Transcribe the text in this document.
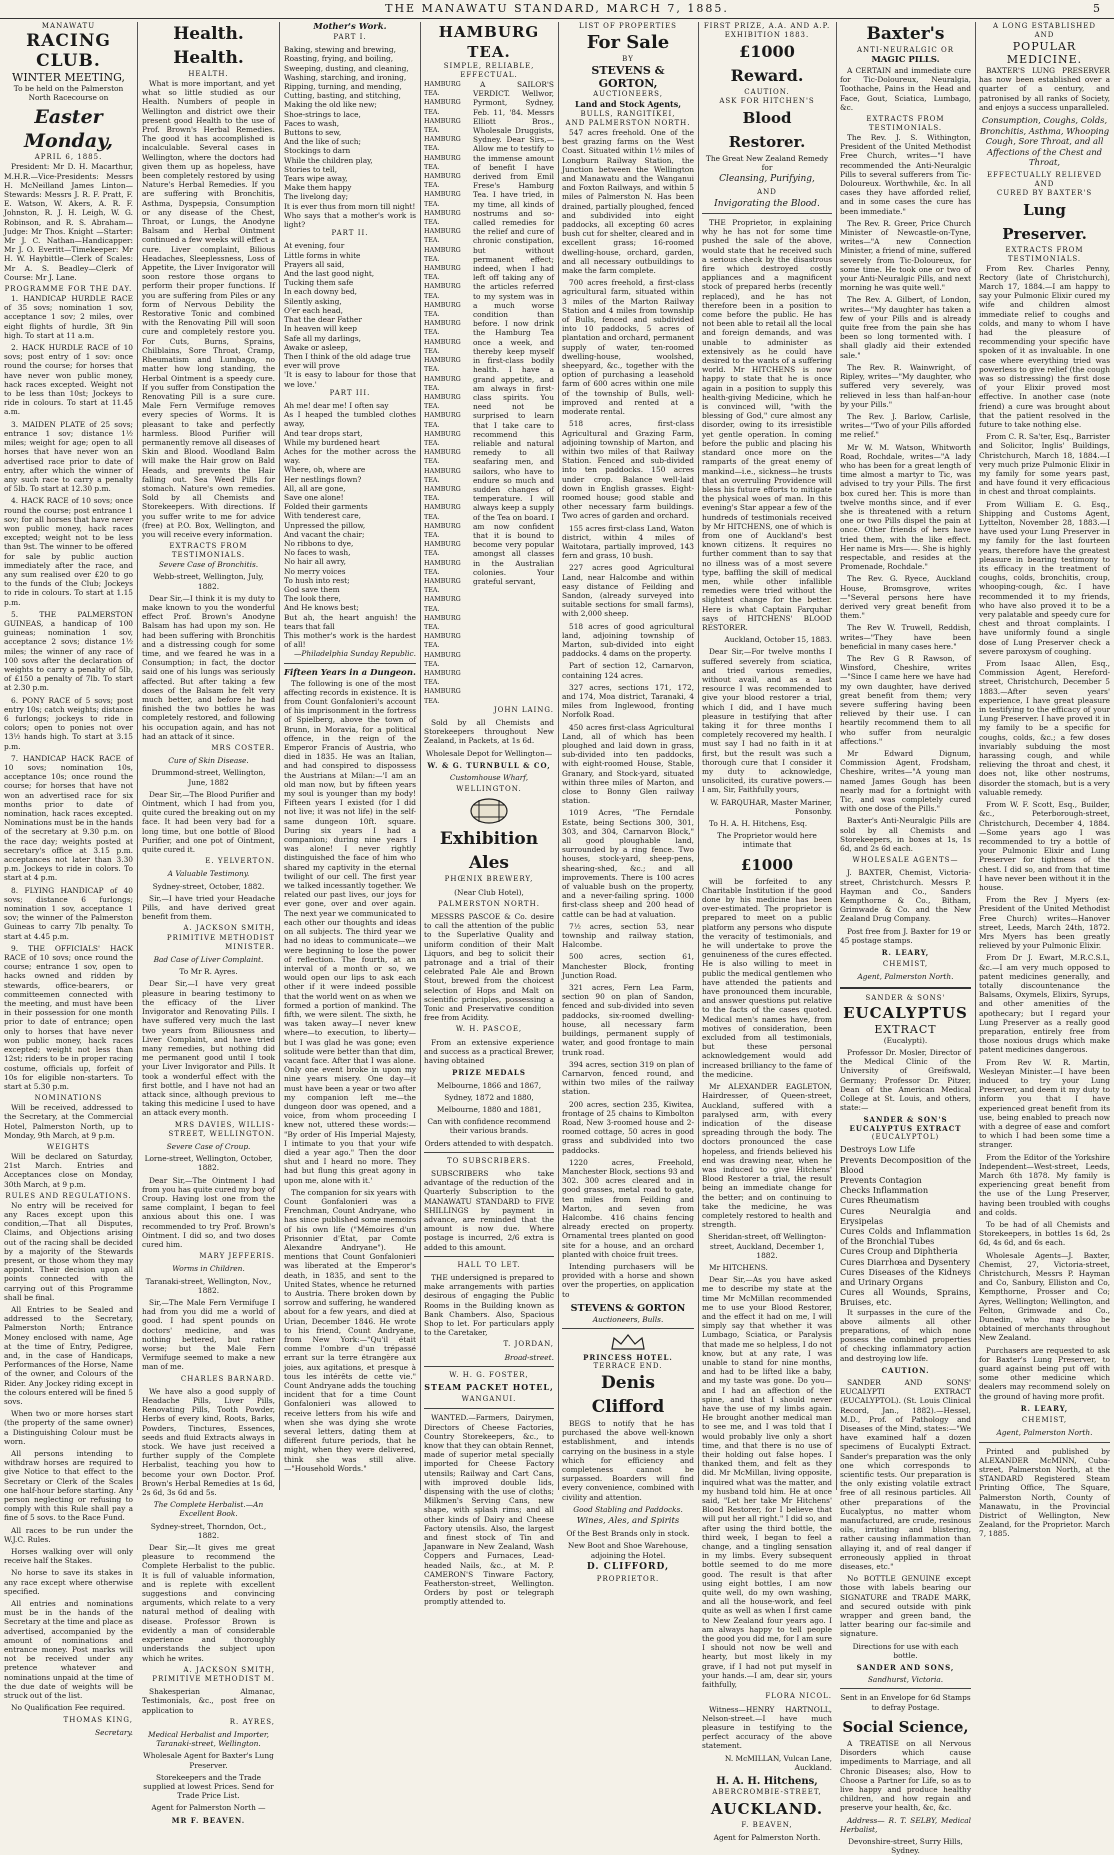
THE MANAWATU STANDARD, MARCH 7, 1885.	5
MANAWATU
RACING CLUB.
WINTER MEETING,

To be held on the Palmerston North Racecourse on

Easter Monday,
APRIL 6, 1885.

President: Mr D. H. Macarthur, M.H.R.—Vice-Presidents: Messrs H. McNeilland James Linton—Stewards: Messrs J. R. F. Pratt, F. E. Watson, W. Akers, A. R. F. Johnston, R. J. H. Leigh, W. G. Robinson, and R. S. Abraham—Judge: Mr Thos. Knight —Starter: Mr J. C. Nathan—Handicapper: Mr J. O. Everitt—Timekeeper: Mr H. W. Haybittle—Clerk of Scales: Mr A. S. Beadley—Clerk of Course: Mr J. Lane.

PROGRAMME FOR THE DAY.

1. HANDICAP HURDLE RACE of 35 sovs; nomination 1 sov, acceptance 1 sov; 2 miles, over eight flights of hurdle, 3ft 9in high. To start at 11 a.m.

2. HACK HURDLE RACE of 10 sovs; post entry of 1 sov: once round the course; for horses that have never won public money, hack races excepted. Weight not to be less than 10st; Jockeys to ride in colours. To start at 11.45 a.m.

3. MAIDEN PLATE of 25 sovs; entrance 1 sov; distance 1½ miles; weight for age; open to all horses that have never won an advertised race prior to date of entry, after which the winner of any such race to carry a penalty of 5lb. To start at 12.30 p.m.

4. HACK RACE of 10 sovs; once round the course; post entrance 1 sov; for all horses that have never won public money, hack races excepted; weight not to be less than 9st. The winner to be offered for sale by public auction immediately after the race, and any sum realised over £20 to go to the funds of the Club; Jockeys to ride in colours. To start at 1.15 p.m.

5. THE PALMERSTON GUINEAS, a handicap of 100 guineas; nomination 1 sov, acceptance 2 sovs; distance 1½ miles; the winner of any race of 100 sovs after the declaration of weights to carry a penalty of 5lb, of £150 a penalty of 7lb. To start at 2.30 p.m.

6. PONY RACE of 5 sovs; post entry 10s; catch weights; distance 6 furlongs; jockeys to ride in colors; open to ponies not over 13½ hands high. To start at 3.15 p.m.

7. HANDICAP HACK RACE of 10 sovs; nomination 10s, acceptance 10s; once round the course; for horses that have not won an advertised race for six months prior to date of nomination, hack races excepted. Nominations must be in the hands of the secretary at 9.30 p.m. on the race day; weights posted at secretary's office at 3.15 p.m. acceptances not later than 3.30 p.m. Jockeys to ride in colors. To start at 4 p.m.

8. FLYING HANDICAP of 40 sovs; distance 6 furlongs; nomination 1 sov, acceptance 1 sov; the winner of the Palmerston Guineas to carry 7lb penalty. To start at 4.45 p.m.

9. THE OFFICIALS' HACK RACE of 10 sovs; once round the course; entrance 1 sov, open to hacks owned and ridden by stewards, office-bearers, or committeemen connected with the meeting, and must have been in their possession for one month prior to date of entrance; open only to horses that have never won public money, hack races excepted; weight not less than 12st; riders to be in proper racing costume, officials up, forfeit of 10s for eligible non-starters. To start at 5.30 p.m.

NOMINATIONS

Will be received, addressed to the Secretary, at the Commercial Hotel, Palmerston North, up to Monday, 9th March, at 9 p.m.

WEIGHTS

Will be declared on Saturday, 21st March. Entries and Acceptances close on Monday, 30th March, at 9 p.m.

RULES AND REGULATIONS.

No entry will be received for any Races except upon this condition,—That all Disputes, Claims, and Objections arising out of the racing shall be decided by a majority of the Stewards present, or those whom they may appoint. Their decision upon all points connected with the carrying out of this Programme shall be final.

All Entries to be Sealed and addressed to the Secretary, Palmerston North; Entrance Money enclosed with name, Age at the time of Entry, Pedigree, and, in the case of Handicaps, Performances of the Horse, Name of the owner, and Colours of the Rider. Any Jockey riding except in the colours entered will be fined 5 sovs.

When two or more horses start (the property of the same owner) a Distinguishing Colour must be worn.

All persons intending to withdraw horses are required to give Notice to that effect to the Secretary or Clerk of the Scales one half-hour before starting. Any person neglecting or refusing to comply with this Rule shall pay a fine of 5 sovs. to the Race Fund.

All races to be run under the W.J.C. Rules.

Horses walking over will only receive half the Stakes.

No horse to save its stakes in any race except where otherwise specified.

All entries and nominations must be in the hands of the Secretary at the time and place as advertised, accompanied by the amount of nominations and entrance money. Post marks will not be received under any pretence whatever and nominations unpaid at the time of the due date of weights will be struck out of the list.

No Qualification Fee required.

THOMAS KING,

Secretary.

Health. Health.
HEALTH.

What is more important, and yet what so little studied as our Health. Numbers of people in Wellington and district owe their present good Health to the use of Prof. Brown's Herbal Remedies. The good it has accomplished is incalculable. Several cases in Wellington, where the doctors had given them up as hopeless, have been completely restored by using Nature's Herbal Remedies. If you are suffering with Bronchitis, Asthma, Dyspepsia, Consumption or any disease of the Chest, Throat, or Lungs, the Anodyne Balsam and Herbal Ointment continued a few weeks will effect a cure. Liver complaint, Bilious Headaches, Sleeplessness, Loss of Appetite, the Liver Invigorator will soon restore those organs to perform their proper functions. If you are suffering from Piles or any form of Nervous Debility the Restorative Tonic and combined with the Renovating Pill will soon cure and completely restore you. For Cuts, Burns, Sprains, Chilblains, Sore Throat, Cramp, Rheumatism and Lumbago, no matter how long standing, the Herbal Ointment is a speedy cure. If you suffer from Constipation the Renovating Pill is a sure cure. Male Fern Vermifuge removes every species of Worms. It is pleasant to take and perfectly harmless. Blood Purifier will permanently remove all diseases of Skin and Blood. Woodland Balm will make the Hair grow on Bald Heads, and prevents the Hair falling out. Sea Weed Pills for stomach. Nature's own remedies. Sold by all Chemists and Storekeepers. With directions. If you suffer write to me for advice (free) at P.O. Box, Wellington, and you will receive every information.

EXTRACTS FROM TESTIMONIALS.

Severe Case of Bronchitis.

Webb-street, Wellington, July, 1882.

Dear Sir,—I think it is my duty to make known to you the wonderful effect Prof. Brown's Anodyne Balsam has had upon my son. He had been suffering with Bronchitis and a distressing cough for some time, and we feared he was in a Consumption; in fact, the doctor said one of his lungs was seriously affected. But after taking a few doses of the Balsam he felt very much better, and before he had finished the two bottles he was completely restored, and following his occupation again, and has not had an attack of it since.

MRS COSTER.

Cure of Skin Disease.

Drummond-street, Wellington, June, 1882

Dear Sir,—The Blood Purifier and Ointment, which I had from you, quite cured the breaking out on my face. It had been very bad for a long time, but one bottle of Blood Purifier, and one pot of Ointment, quite cured it.

E. YELVERTON.

A Valuable Testimony.

Sydney-street, October, 1882.

Sir,—I have tried your Headache Pills, and have derived great benefit from them.

A. JACKSON SMITH, PRIMITIVE METHODIST MINISTER.

Bad Case of Liver Complaint.

To Mr R. Ayres.

Dear Sir,—I have very great pleasure in bearing testimony to the efficacy of the Liver Invigorator and Renovating Pills. I have suffered very much the last two years from Biliousness and Liver Complaint, and have tried many remedies, but nothing did me permanent good until I took your Liver Invigorator and Pills. It took a wonderful effect with the first bottle, and I have not had an attack since, although previous to taking this medicine I used to have an attack every month.

MRS DAVIES, WILLIS-STREET, WELLINGTON.

Severe Case of Croup.

Lorne-street, Wellington, October, 1882.

Dear Sir,—The Ointment I had from you has quite cured my boy of Croup. Having lost one from the same complaint, I began to feel anxious about this one. I was recommended to try Prof. Brown's Ointment. I did so, and two doses cured him.

MARY JEFFERIS.

Worms in Children.

Taranaki-street, Wellington, Nov., 1882.

Sir,—The Male Fern Vermifuge I had from you did me a world of good. I had spent pounds on doctors' medicine, and was nothing bettered, but rather worse; but the Male Fern Vermifuge seemed to make a new man of me.

CHARLES BARNARD.

We have also a good supply of Headache Pills, Liver Pills, Renovating Pills, Tooth Powder, Herbs of every kind, Roots, Barks, Powders, Tinctures, Essences, seeds and fluid Extracts always in stock. We have just received a further supply of the Complete Herbalist, teaching you how to become your own Doctor. Prof. Brown's Herbal Remedies at 1s 6d, 2s 6d, 3s 6d and 5s.

The Complete Herbalist.—An Excellent Book.

Sydney-street, Thorndon, Oct., 1882.

Dear Sir,—It gives me great pleasure to recommend the Complete Herbalist to the public. It is full of valuable information, and is replete with excellent suggestions and convincing arguments, which relate to a very natural method of dealing with disease. Professor Brown is evidently a man of considerable experience and thoroughly understands the subject upon which he writes.

A. JACKSON SMITH, PRIMITIVE METHODIST M.

Shakesperian Almanac, Testimonials, &c., post free on application to

R. AYRES,

Medical Herbalist and Importer, Taranaki-street, Wellington.

Wholesale Agent for Baxter's Lung Preserver.

Storekeepers and the Trade supplied at lowest Prices. Send for Trade Price List.

Agent for Palmerston North —

MR F. BEAVEN.

Mother's Work.

PART I.

Baking, stewing and brewing,

Roasting, frying, and boiling,

Sweeping, dusting, and cleaning,

Washing, starching, and ironing,

Ripping, turning, and mending,

Cutting, basting, and stitching,

Making the old like new;

Shoe-strings to lace,

Faces to wash,

Buttons to sew,

And the like of such;

Stockings to darn

While the children play,

Stories to tell,

Tears wipe away,

Make them happy

The livelong day;

It is ever thus from morn till night!

Who says that a mother's work is light?

PART II.

At evening, four

Little forms in white

Prayers all said,

And the last good night,

Tucking them safe

In each downy bed,

Silently asking,

O'er each head,

That the dear Father

In heaven will keep

Safe all my darlings,

Awake or asleep,

Then I think of the old adage true

ever will prove

'It is easy to labour for those that we love.'

PART III.

Ah me! dear me! I often say

As I heaped the tumbled clothes away,

And tear drops start,

While my burdened heart

Aches for the mother across the way.

Where, oh, where are

Her nestlings flown?

All, all are gone,

Save one alone!

Folded their garments

With tenderest care,

Unpressed the pillow,

And vacant the chair;

No ribbons to dye,

No faces to wash,

No hair all awry,

No merry voices

To hush into rest;

God save them

The look there,

And He knows best;

But ah, the heart anguish! the tears that fall

This mother's work is the hardest of all!

—Philadelphia Sunday Republic.

Fifteen Years in a Dungeon.

The following is one of the most affecting records in existence. It is from Count Gonfalonieri's account of his imprisonment in the fortress of Spielberg, above the town of Brunn, in Moravia, for a political offence, in the reign of the Emperor Francis of Austria, who died in 1835. He was an Italian, and had conspired to dispossess the Austrians at Milan:—'I am an old man now, but by fifteen years my soul is younger than my body! Fifteen years I existed (for I did not live; it was not life) in the self-same dungeon 10ft. square. During six years I had a companion; during nine years I was alone! I never rightly distinguished the face of him who shared my captivity in the eternal twilight of our cell. The first year we talked incessantly together. We related our past lives, our joys for ever gone, over and over again. The next year we communicated to each other our thoughts and ideas on all subjects. The third year we had no ideas to communicate—we were beginning to lose the power of reflection. The fourth, at an interval of a month or so, we would open our lips to ask each other if it were indeed possible that the world went on as when we formed a portion of mankind. The fifth, we were silent. The sixth, he was taken away—I never knew where—to execution, to liberty—but I was glad he was gone; even solitude were better than that dim, vacant face. After that I was alone. Only one event broke in upon my nine years misery. One day—it must have been a year or two after my companion left me—the dungeon door was opened, and a voice, from whom proceeding I knew not, uttered these words:— "By order of His Imperial Majesty, I intimate to you that your wife died a year ago." Then the door shut and I heard no more. They had but flung this great agony in upon me, alone with it.'

The companion for six years with Count Gonfalonieri was a Frenchman, Count Andryane, who has since published some memoirs of his own life ("Mémoires d'un Prisonnier d'Etat, par Comte Alexandre Andryane"). He mentions that Count Gonfalonieri was liberated at the Emperor's death, in 1835, and sent to the United States, whence he returned to Austria. There broken down by sorrow and suffering, he wandered about for a few years, and died at Urian, December 1846. He wrote to his friend, Count Andryane, from New York:—"Qu'il était comme l'ombre d'un trépassé errant sur la terre étrangère aux joies, aux agitations, et presque à tous les intérêts de cette vie." Count Andryane adds the touching incident that for a time Count Gonfalonieri was allowed to receive letters from his wife and when she was dying she wrote several letters, dating them at different future periods, that he might, when they were delivered, think she was still alive.—"Household Words."

HAMBURG TEA.
SIMPLE, RELIABLE, EFFECTUAL.
HAMBURG TEA.
HAMBURG TEA.
HAMBURG TEA.
HAMBURG TEA.
HAMBURG TEA.
HAMBURG TEA.
HAMBURG TEA.
HAMBURG TEA.
HAMBURG TEA.
HAMBURG TEA.
HAMBURG TEA.
HAMBURG TEA.
HAMBURG TEA.
HAMBURG TEA.
HAMBURG TEA.
HAMBURG TEA.
HAMBURG TEA.
HAMBURG TEA.
HAMBURG TEA.
HAMBURG TEA.
HAMBURG TEA.
HAMBURG TEA.
HAMBURG TEA.
HAMBURG TEA.
HAMBURG TEA.
HAMBURG TEA.
HAMBURG TEA.
HAMBURG TEA.
HAMBURG TEA.
HAMBURG TEA.
HAMBURG TEA.
HAMBURG TEA.
HAMBURG TEA.
HAMBURG TEA.

A SAILOR'S VERDICT. Wellwor, Pyrmont, Sydney, Feb. 11, '84. Messrs Elliott Bros., Wholesale Druggists, Sydney. Dear Sirs,—Allow me to testify to the immense amount of benefit I have derived from Emil Frese's Hamburg Tea. I have tried, in my time, all kinds of nostrums and so-called remedies for the relief and cure of chronic constipation, but without permanent effect; indeed, when I had left off taking any of the articles referred to my system was in a much worse condition than before. I now drink the Hamburg Tea once a week, and thereby keep myself in first-class bodily health. I have a grand appetite, and am always in first-class spirits. You need not be surprised to learn that I take care to recommend this reliable and natural remedy to all seafaring men, and sailors, who have to endure so much and sudden changes of temperature. I will always keep a supply of the Tea on board. I am now confident that it is bound to become very popular amongst all classes in the Australian colonies. Your grateful servant,

JOHN LAING.

Sold by all Chemists and Storekeepers throughout New Zealand, in Packets, at 1s 6d.

Wholesale Depot for Wellington—

W. & G. TURNBULL & CO,

Customhouse Wharf,

WELLINGTON.

Exhibition Ales

PHŒNIX BREWERY,

(Near Club Hotel),

PALMERSTON NORTH.

MESSRS PASCOE & Co. desire to call the attention of the public to the Superlative Quality and uniform condition of their Malt Liquors, and beg to solicit their patronage and a trial of their celebrated Pale Ale and Brown Stout, brewed from the choicest selection of Hops and Malt on scientific principles, possessing a Tonic and Preservative condition free from Acidity.

W. H. PASCOE,

From an extensive experience and success as a practical Brewer, having obtained

PRIZE MEDALS

Melbourne, 1866 and 1867,

Sydney, 1872 and 1880,

Melbourne, 1880 and 1881,

Can with confidence recommend their various brands.

Orders attended to with despatch.

TO SUBSCRIBERS.

SUBSCRIBERS who take advantage of the reduction of the Quarterly Subscription to the MANAWATU STANDARD to FIVE SHILLINGS by payment in advance, are reminded that the amount is now due. Where postage is incurred, 2/6 extra is added to this amount.

HALL TO LET.

THE undersigned is prepared to make arrangements with parties desirous of engaging the Public Rooms in the Building known as Bank Chambers. Also, Spacious Shop to let. For particulars apply to the Caretaker,

T. JORDAN,

Broad-street.

W. H. G. FOSTER,

STEAM PACKET HOTEL,

WANGANUI.

WANTED.—Farmers, Dairymen, Directors of Cheese Factories, Country Storekeepers, &c., to know that they can obtain Rennet, made of superior metal specially imported for Cheese Factory utensils; Railway and Cart Cans, with improved double lids, dispensing with the use of cloths; Milkmen's Serving Cans, new shape, with splash rims; and all other kinds of Dairy and Cheese Factory utensils. Also, the largest and finest stock of Tin and Japanware in New Zealand, Wash Coppers and Furnaces, Lead-headed Nails, &c., at M. P. CAMERON'S Tinware Factory, Featherston-street, Wellington. Orders by post or telegraph promptly attended to.

LIST OF PROPERTIES
For Sale
BY
STEVENS & GORTON,
AUCTIONEERS,
Land and Stock Agents,
BULLS, RANGITIKEI,
AND PALMERSTON NORTH.

547 acres freehold. One of the best grazing farms on the West Coast. Situated within 1½ miles of Longburn Railway Station, the Junction between the Wellington and Manawatu and the Wanganui and Foxton Railways, and within 5 miles of Palmerston N. Has been drained, partially ploughed, fenced and subdivided into eight paddocks, all excepting 60 acres bush cut for shelter, cleared and in excellent grass; 16-roomed dwelling-house, orchard, garden, and all necessary outbuildings to make the farm complete.

700 acres freehold, a first-class agricultural farm, situated within 3 miles of the Marton Railway Station and 4 miles from township of Bulls, fenced and subdivided into 10 paddocks, 5 acres of plantation and orchard, permanent supply of water, ten-roomed dwelling-house, woolshed, sheepyard, &c., together with the option of purchasing a leasehold farm of 600 acres within one mile of the township of Bulls, well-improved and rented at a moderate rental.

518 acres, first-class Agricultural and Grazing Farm, adjoining township of Marton, and within two miles of that Railway Station. Fenced and sub-divided into ten paddocks. 150 acres under crop. Balance well-laid down in English grasses. Eight-roomed house; good stable and other necessary farm buildings. Two acres of garden and orchard.

155 acres first-class Land, Waton district, within 4 miles of Waitotara, partially improved, 143 fern and grass, 10 bush.

227 acres good Agricultural Land, near Halcombe and within easy distance of Feilding and Sandon, (already surveyed into suitable sections for small farms), with 2,000 sheep.

518 acres of good agricultural land, adjoining township of Marton, sub-divided into eight paddocks. 4 dams on the property.

Part of section 12, Carnarvon, containing 124 acres.

327 acres, sections 171, 172, and 174, Moa district, Taranaki, 4 miles from Inglewood, fronting Norfolk Road.

450 acres first-class Agricultural Land, all of which has been ploughed and laid down in grass, sub-divided into ten paddocks, with eight-roomed House, Stable, Granary, and Stock-yard, situated within three miles of Marton, and close to Bonny Glen railway station.

1019 Acres, "The Ferndale Estate, being Sections 300, 301, 303, and 304, Carnarvon Block," all good ploughable land, surrounded by a ring fence. Two houses, stock-yard, sheep-pens, shearing-shed, &c.; and all improvements. There is 100 acres of valuable bush on the property, and a never-failing spring. 1000 first-class sheep and 200 head of cattle can be had at valuation.

7½ acres, section 53, near township and railway station, Halcombe.

500 acres, section 61, Manchester Block, fronting Junction Road.

321 acres, Fern Lea Farm, section 90 on plan of Sandon, fenced and sub-divided into seven paddocks, six-roomed dwelling-house, all necessary farm buildings, permanent supply of water, and good frontage to main trunk road.

394 acres, section 319 on plan of Carnarvon, fenced round, and within two miles of the railway station.

200 acres, section 235, Kiwitea, frontage of 25 chains to Kimbolton Road, New 3-roomed house and 2-roomed cottage, 50 acres in good grass and subdivided into two paddocks.

1220 acres, Freehold, Manchester Block, sections 93 and 302. 300 acres cleared and in good grasses, metal road to gate, ten miles from Feilding and Marton, and seven from Halcombe. 416 chains fencing already erected on property. Ornamental trees planted on good site for a house, and an orchard planted with choice fruit trees.

Intending purchasers will be provided with a horse and shown over the properties, on application to

STEVENS & GORTON

Auctioneers, Bulls.

PRINCESS HOTEL.
TERRACE END.
Denis Clifford

BEGS to notify that he has purchased the above well-known establishment, and intends carrying on the business in a style which for efficiency and completeness cannot be surpassed. Boarders will find every convenience, combined with civility and attention.

Good Stabling and Paddocks.

Wines, Ales, and Spirits

Of the Best Brands only in stock.

New Boot and Shoe Warehouse, adjoining the Hotel.

D. CLIFFORD,

PROPRIETOR.

FIRST PRIZE, A.A. AND A.P. EXHIBITION 1883.
£1000 Reward.
CAUTION.
ASK FOR HITCHEN'S
Blood Restorer.

The Great New Zealand Remedy for

Cleansing, Purifying,

AND

Invigorating the Blood.

THE Proprietor, in explaining why he has not for some time pushed the sale of the above, would state that he received such a serious check by the disastrous fire which destroyed costly appliances and a magnificent stock of prepared herbs (recently replaced), and he has not therefore been in a position to come before the public. He has not been able to retail all the local and foreign demands, and was unable to administer as extensively as he could have desired to the wants of a suffering world. Mr HITCHENS is now happy to state that he is once again in a position to supply this health-giving Medicine, which he is convinced will, "with the blessing of God," cure almost any disorder, owing to its irresistible yet gentle operation. In coming before the public and placing his standard once more on the ramparts of the great enemy of mankind—i.e., sickness—he trusts that an overruling Providence will bless his future efforts to mitigate the physical woes of man. In this evening's Star appear a few of the hundreds of testimonials received by Mr HITCHENS, one of which is from one of Auckland's best known citizens. It requires no further comment than to say that no illness was of a most severe type, baffling the skill of medical men, while other infallible remedies were tried without the slightest change for the better. Here is what Captain Farquhar says of HITCHENS' BLOOD RESTORER.

Auckland, October 15, 1883.

Dear Sir,—For twelve months I suffered severely from sciatica, and tried various remedies, without avail, and as a last resource I was recommended to give your blood restorer a trial, which I did, and I have much pleasure in testifying that after taking it for three months I completely recovered my health. I must say I had no faith in it at first, but the result was such a thorough cure that I consider it my duty to acknowledge, unsolicited, its curative powers.—I am, Sir, Faithfully yours,

W. FARQUHAR, Master Mariner, Ponsonby.

To H. A. H. Hitchens, Esq.

The Proprietor would here intimate that

£1000

will be forfeited to any Charitable Institution if the good done by his medicine has been over-estimated. The proprietor is prepared to meet on a public platform any persons who dispute the veracity of testimonials, and he will undertake to prove the genuineness of the cures effected. He is also willing to meet in public the medical gentlemen who have attended the patients and have pronounced them incurable, and answer questions put relative to the facts of the cases quoted. Medical men's names have, from motives of consideration, been excluded from all testimonials, but these personal acknowledgement would add increased brilliancy to the fame of the medicine.

Mr ALEXANDER EAGLETON, Hairdresser, of Queen-street, Auckland, suffered with a paralysed arm, with every indication of the disease spreading through the body. The doctors pronounced the case hopeless, and friends believed his end was drawing near, when he was induced to give Hitchens' Blood Restorer a trial, the result being an immediate change for the better; and on continuing to take the medicine, he was completely restored to health and strength.

Sheridan-street, off Wellington-street, Auckland, December 1, 1882.

Mr HITCHENS.

Dear Sir,—As you have asked me to describe my state at the time Mr McMillan recommended me to use your Blood Restorer, and the effect it had on me, I will simply say that whether it was Lumbago, Sciatica, or Paralysis that made me so helpless, I do not know, but at any rate, I was unable to stand for nine months, and had to be lifted like a baby, and my taste was gone. Do you—and I had an affection of the spine, and that I should never have the use of my limbs again. He brought another medical man to see me, and I was told that I would probably live only a short time, and that there is no use of their holding out false hopes. I thanked them, and felt as they did. Mr McMillan, living opposite, inquired what was the matter, and my husband told him. He at once said, "Let her take Mr Hitchens' Blood Restorer, for I believe that will put her all right." I did so, and after using the third bottle, the third week, I began to feel a change, and a tingling sensation in my limbs. Every subsequent bottle seemed to do me more good. The result is that after using eight bottles, I am now quite well, do my own washing, and all the house-work, and feel quite as well as when I first came to New Zealand four years ago. I am always happy to tell people the good you did me, for I am sure I should not now be well and hearty, but most likely in my grave, if I had not put myself in your hands.—I am, dear sir, yours faithfully,

FLORA NICOL.

Witness—HENRY HARTNOLL, Nelson-street.—I have much pleasure in testifying to the perfect accuracy of the above statement.

N. McMILLAN, Vulcan Lane, Auckland.

H. A. H. Hitchens,
ABERCROMBIE-STREET,
AUCKLAND.

F. BEAVEN,

Agent for Palmerston North.

Baxter's
ANTI-NEURALGIC OR
MAGIC PILLS.

A CERTAIN and immediate cure for Tic-Doloureux, Neuralgia, Toothache, Pains in the Head and Face, Gout, Sciatica, Lumbago, &c.

EXTRACTS FROM TESTIMONIALS.

The Rev. J. S. Withington, President of the United Methodist Free Church, writes—"I have recommended the Anti-Neuralgic Pills to several sufferers from Tic-Doloureux. Worthwhile, &c. In all cases they have afforded relief, and in some cases the cure has been immediate."

The Rev. R. Greer, Price Church Minister of Newcastle-on-Tyne, writes—"A new Connection Minister, a friend of mine, suffered severely from Tic-Doloureux, for some time. He took one or two of your Anti-Neuralgic Pills, and next morning he was quite well."

The Rev. A. Gilbert, of London, writes—"My daughter has taken a few of your Pills and is already quite free from the pain she has been so long tormented with. I shall gladly aid their extended sale."

The Rev. R. Wainwright, of Ripley, writes—"My daughter, who suffered very severely, was relieved in less than half-an-hour by your Pills."

The Rev. J. Barlow, Carlisle, writes—"Two of your Pills afforded me relief."

Mr W. M. Watson, Whitworth Road, Rochdale, writes—"A lady who has been for a great length of time almost a martyr to Tic, was advised to try your Pills. The first box cured her. This is more than twelve months since, and if ever she is threatened with a return one or two Pills dispel the pain at once. Other friends of hers have tried them, with the like effect. Her name is Mrs——. She is highly respectable, and resides at the Promenade, Rochdale."

The Rev. G. Ryece, Auckland House, Bromsgrove, writes—"Several persons here have derived very great benefit from them."

The Rev W. Truwell, Reddish, writes—"They have been beneficial in many cases here."

The Rev G R Rawson, of Winsford, Cheshire, writes—"Since I came here we have had my own daughter, have derived great benefit from them; very severe suffering having been relieved by their use. I can heartily recommend them to all who suffer from neuralgic affections."

Mr Edward Dignum, Commission Agent, Frodsham, Cheshire, writes—"A young man named James Gough has been nearly mad for a fortnight with Tic, and was completely cured with one dose of the Pills."

Baxter's Anti-Neuralgic Pills are sold by all Chemists and Storekeepers, in boxes at 1s, 1s 6d, and 2s 6d each.

WHOLESALE AGENTS—

J. BAXTER, Chemist, Victoria-street, Christchurch. Messrs P. Hayman and Co., Sanders Kempthorne & Co., Bitham, Grimwade & Co. and the New Zealand Drug Company.

Post free from J. Baxter for 19 or 45 postage stamps.

R. LEARY,

CHEMIST,

Agent, Palmerston North.

SANDER & SONS'
EUCALYPTUS
EXTRACT

(Eucalypti).

Professor Dr. Mosler, Director of the Medical Clinic of the University of Greifswald, Germany; Professor Dr. Pitzer, Dean of the American Medical College at St. Louis, and others, state:—

SANDER & SON'S
EUCALYPTUS EXTRACT
(EUCALYPTOL)
Destroys Low Life
Prevents Decomposition of the Blood
Prevents Contagion
Checks Inflammation
Cures Rheumatism
Cures Neuralgia and Erysipelas
Cures Colds and Inflammation of the Bronchial Tubes
Cures Croup and Diphtheria
Cures Diarrhœa and Dysentery
Cures Diseases of the Kidneys and Urinary Organs
Cures all Wounds, Sprains, Bruises, etc.

It surpasses in the cure of the above ailments all other preparations, of which none possess the combined properties of checking inflammatory action and destroying low life.

CAUTION.

SANDER AND SONS' EUCALYPTI EXTRACT (EUCALYPTOL). (St. Louis Clinical Record, Jan., 1882).—Hessel, M.D., Prof. of Pathology and Diseases of the Mind, states:—"We have examined half a dozen specimens of Eucalypti Extract. Sander's preparation was the only one which corresponds to scientific tests. Our preparation is the only existing volatile extract free of all resinous particles. All other preparations of the Eucalyptus, no matter whom manufactured, are crude, resinous oils, irritating and blistering, rather causing inflammation than allaying it, and of real danger if erroneously applied in throat diseases, etc."

No BOTTLE GENUINE except those with labels bearing our SIGNATURE and TRADE MARK, and secured outside with pink wrapper and green band, the latter bearing our fac-simile and signature.

Directions for use with each bottle.

SANDER AND SONS,

Sandhurst, Victoria.

Sent in an Envelope for 6d Stamps to defray Postage.

Social Science,

A TREATISE on all Nervous Disorders which cause impediments to Marriage, and all Chronic Diseases; also, How to Choose a Partner for Life, so as to live happy and produce healthy children, and how regain and preserve your health, &c, &c.

Address— R. T. SELBY, Medical Herbalist,

Devonshire-street, Surry Hills, Sydney.

A LONG ESTABLISHED
AND
POPULAR MEDICINE.

BAXTER'S LUNG PRESERVER has now been established over a quarter of a century, and patronised by all ranks of Society, and enjoys a success unparalleled.

Consumption, Coughs, Colds, Bronchitis, Asthma, Whooping Cough, Sore Throat, and all Affections of the Chest and Throat,

EFFECTUALLY RELIEVED AND
CURED BY BAXTER'S
Lung Preserver.
EXTRACTS FROM TESTIMONIALS.

From Rev. Charles Penny, Rectory (late of Christchurch), March 17, 1884.—I am happy to say your Pulmonic Elixir cured my wife and children almost immediate relief to coughs and colds, and many to whom I have had the pleasure of recommending your specific have spoken of it as invaluable. In one case where everything tried was powerless to give relief (the cough was so distressing) the first dose of your Elixir proved most effective. In another case (note friend) a cure was brought about that the patient resolved in the future to take nothing else.

From C. R. Sa'ter, Esq., Barrister and Solicitor, Inglis' Buildings, Christchurch, March 18, 1884.—I very much prize Pulmonic Elixir in my family for some years past, and have found it very efficacious in chest and throat complaints.

From William E. G. Esq., Shipping and Customs Agent, Lyttelton, November 28, 1883.—I have used your Lung Preserver in my family for the last fourteen years, therefore have the greatest pleasure in bearing testimony to its efficacy in the treatment of coughs, colds, bronchitis, croup, whooping-cough, &c. I have recommended it to my friends, who have also proved it to be a very palatable and speedy cure for chest and throat complaints. I have uniformly found a single dose of Lung Preserver check a severe paroxysm of coughing.

From Isaac Allen, Esq., Commission Agent, Hereford-street, Christchurch, December 5 1883.—After seven years' experience, I have great pleasure in testifying to the efficacy of your Lung Preserver. I have proved it in my family to be a specific for coughs, colds, &c.; a few doses invariably subduing the most harassing cough, and while relieving the throat and chest, it does not, like other nostrums, disorder the stomach, but is a very valuable remedy.

From W. F. Scott, Esq., Builder, &c., Peterborough-street, Christchurch, December 4, 1884.—Some years ago I was recommended to try a bottle of your Pulmonic Elixir and Lung Preserver for tightness of the chest. I did so, and from that time I have never been without it in the house.

From the Rev J Myers (ex-President of the United Methodist Free Church) writes—Hanover street, Leeds, March 24th, 1872. Mrs Myers has been greatly relieved by your Pulmonic Elixir.

From Dr J. Ewart, M.R.C.S.L, &c.—I am very much opposed to patent medicines generally, and totally discountenance the Balsams, Oxymels, Elixirs, Syrups, and other amenities of the apothecary; but I regard your Lung Preserver as a really good preparation, entirely free from those noxious drugs which make patent medicines dangerous.

From Rev W. R. Martin, Wesleyan Minister.—I have been induced to try your Lung Preserver, and deem it my duty to inform you that I have experienced great benefit from its use, being enabled to preach now with a degree of ease and comfort to which I had been some time a stranger.

From the Editor of the Yorkshire Independent—West-street, Leeds, March 6th 1878. My family is experiencing great benefit from the use of the Lung Preserver, having been troubled with coughs and colds.

To be had of all Chemists and Storekeepers, in bottles 1s 6d, 2s 6d, 4s 6d, and 6s each.

Wholesale Agents—J. Baxter, Chemist, 27, Victoria-street, Christchurch, Messrs P. Hayman and Co, Sanbury, Elliston and Co, Kempthorne, Prosser and Co; Ayres, Wellington; Wellington, and Felton, Grimwade and Co., Dunedin, who may also be obtained of merchants throughout New Zealand.

Purchasers are requested to ask for Baxter's Lung Preserver, to guard against being put off with some other medicine which dealers may recommend solely on the ground of having more profit.

R. LEARY,

CHEMIST,

Agent, Palmerston North.

Printed and published by ALEXANDER McMINN, Cuba-street, Palmerston North, at the STANDARD Registered Steam Printing Office, The Square, Palmerston North, County of Manawatu, in the Provincial District of Wellington, New Zealand, for the Proprietor. March 7, 1885.
